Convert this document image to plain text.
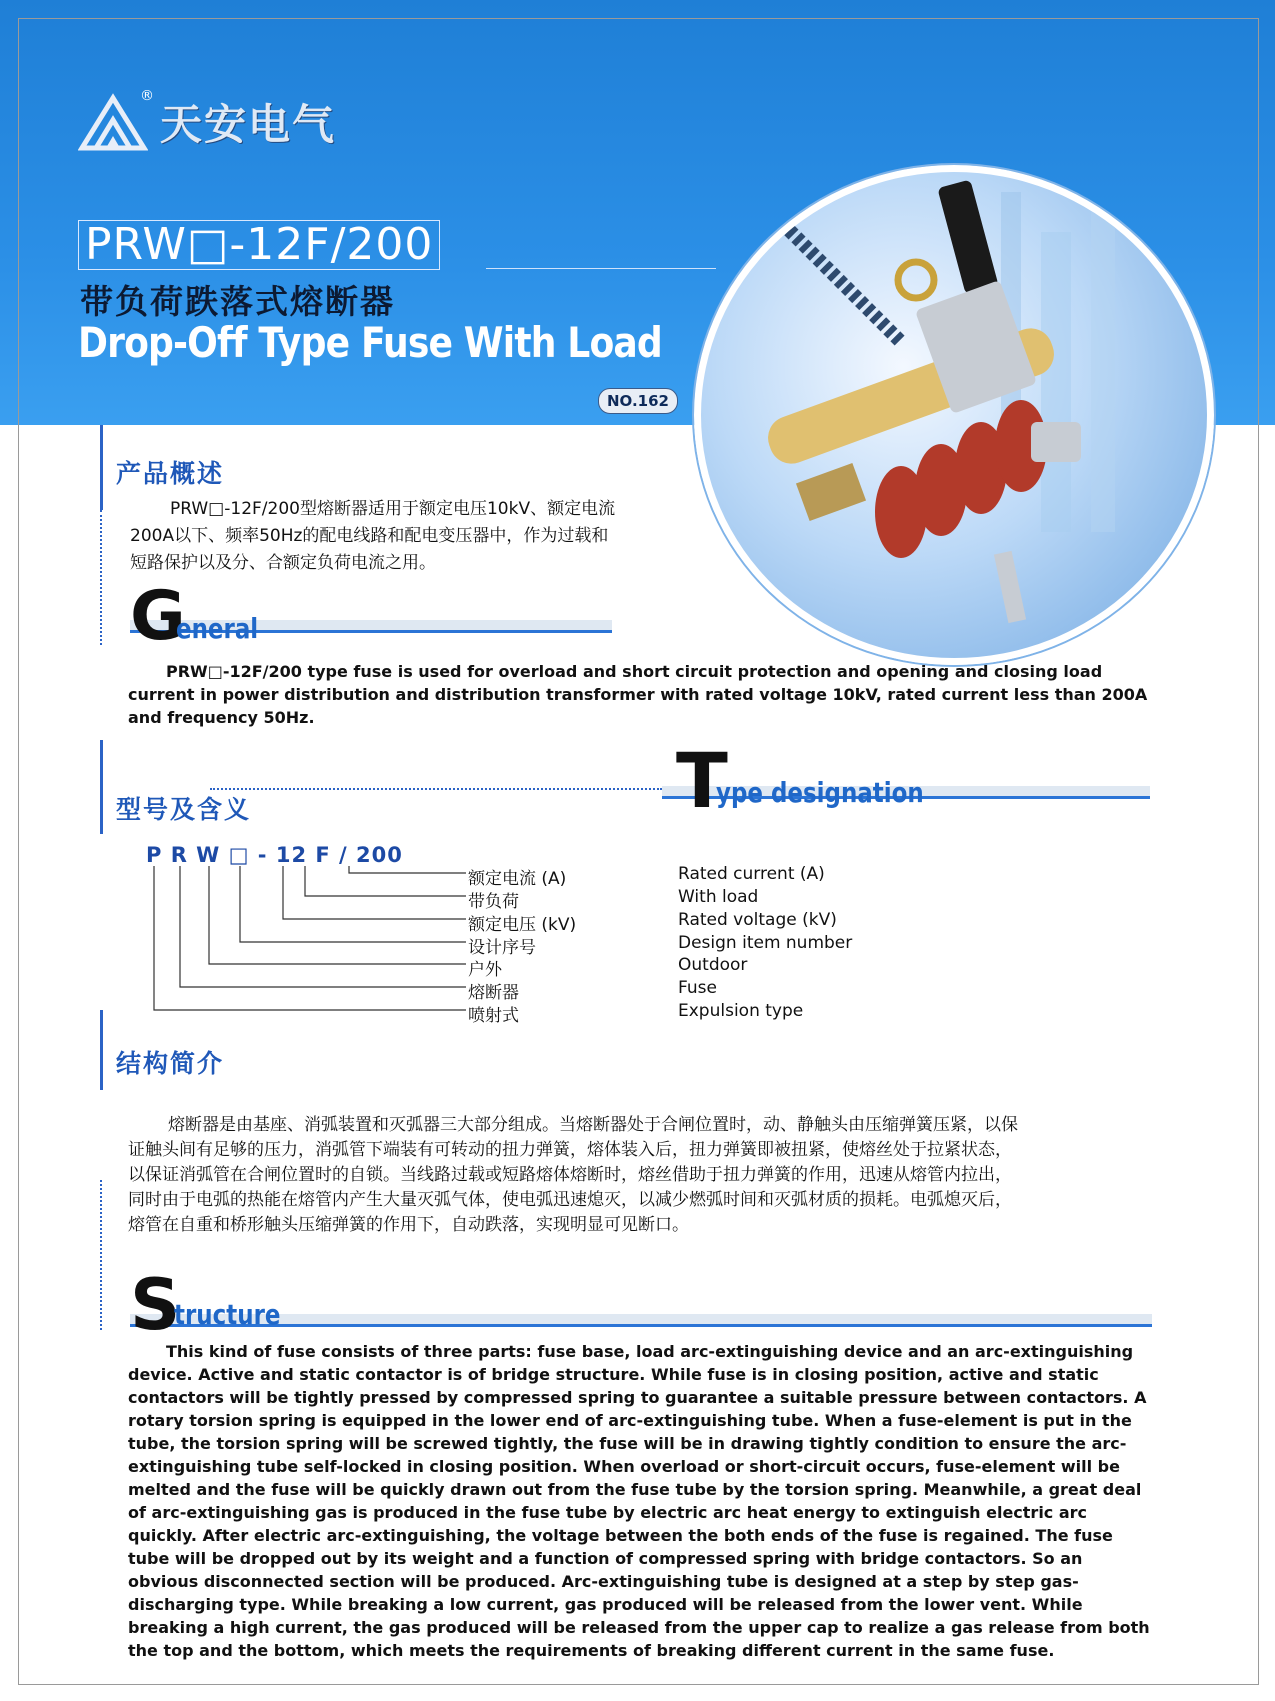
®
天安电气
PRW□-12F/200
带负荷跌落式熔断器
Drop-Off Type Fuse With Load
NO.162
产品概述
PRW□-12F/200型熔断器适用于额定电压10kV、额定电流
200A以下、频率50Hz的配电线路和配电变压器中，作为过载和
短路保护以及分、合额定负荷电流之用。
G
eneral
PRW□-12F/200 type fuse is used for overload and short circuit protection and opening and closing load current in power distribution and distribution transformer with rated voltage 10kV, rated current less than 200A and frequency 50Hz.
型号及含义	T
ype designation
P R W □ - 12 F / 200
额定电流 (A)
带负荷
额定电压 (kV)
设计序号
户外
熔断器
喷射式
Rated current (A)
With load
Rated voltage (kV)
Design item number
Outdoor
Fuse
Expulsion type
结构简介
熔断器是由基座、消弧装置和灭弧器三大部分组成。当熔断器处于合闸位置时，动、静触头由压缩弹簧压紧，以保
证触头间有足够的压力，消弧管下端装有可转动的扭力弹簧，熔体装入后，扭力弹簧即被扭紧，使熔丝处于拉紧状态，
以保证消弧管在合闸位置时的自锁。当线路过载或短路熔体熔断时，熔丝借助于扭力弹簧的作用，迅速从熔管内拉出，
同时由于电弧的热能在熔管内产生大量灭弧气体，使电弧迅速熄灭，以减少燃弧时间和灭弧材质的损耗。电弧熄灭后，
熔管在自重和桥形触头压缩弹簧的作用下，自动跌落，实现明显可见断口。
S
tructure
This kind of fuse consists of three parts: fuse base, load arc-extinguishing device and an arc-extinguishing device. Active and static contactor is of bridge structure. While fuse is in closing position, active and static contactors will be tightly pressed by compressed spring to guarantee a suitable pressure between contactors. A rotary torsion spring is equipped in the lower end of arc-extinguishing tube. When a fuse-element is put in the tube, the torsion spring will be screwed tightly, the fuse will be in drawing tightly condition to ensure the arc-extinguishing tube self-locked in closing position. When overload or short-circuit occurs, fuse-element will be melted and the fuse will be quickly drawn out from the fuse tube by the torsion spring. Meanwhile, a great deal of arc-extinguishing gas is produced in the fuse tube by electric arc heat energy to extinguish electric arc quickly. After electric arc-extinguishing, the voltage between the both ends of the fuse is regained. The fuse tube will be dropped out by its weight and a function of compressed spring with bridge contactors. So an obvious disconnected section will be produced. Arc-extinguishing tube is designed at a step by step gas-discharging type. While breaking a low current, gas produced will be released from the lower vent. While breaking a high current, the gas produced will be released from the upper cap to realize a gas release from both the top and the bottom, which meets the requirements of breaking different current in the same fuse.
